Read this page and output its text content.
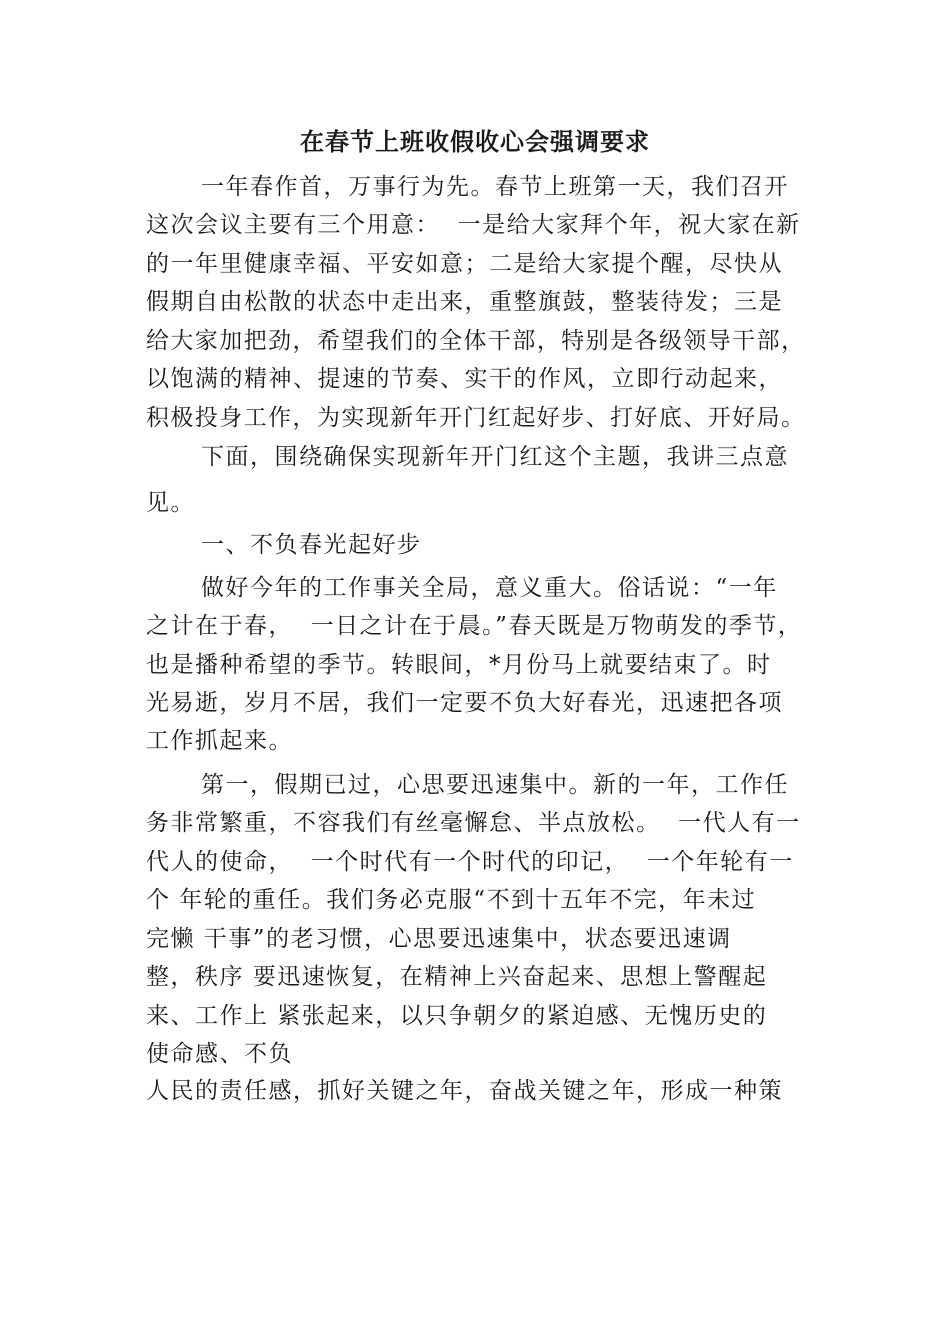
在春节上班收假收心会强调要求
一年春作首，万事行为先。春节上班第一天，我们召开
这次会议主要有三个用意：  一是给大家拜个年，祝大家在新
的一年里健康幸福、平安如意；二是给大家提个醒，尽快从
假期自由松散的状态中走出来，重整旗鼓，整装待发；三是
给大家加把劲，希望我们的全体干部，特别是各级领导干部，
以饱满的精神、提速的节奏、实干的作风，立即行动起来，
积极投身工作，为实现新年开门红起好步、打好底、开好局。
下面，围绕确保实现新年开门红这个主题，我讲三点意
见。
一、不负春光起好步
做好今年的工作事关全局，意义重大。俗话说：“一年
之计在于春，  一日之计在于晨。”春天既是万物萌发的季节，
也是播种希望的季节。转眼间，*月份马上就要结束了。时
光易逝，岁月不居，我们一定要不负大好春光，迅速把各项
工作抓起来。
第一，假期已过，心思要迅速集中。新的一年，工作任
务非常繁重，不容我们有丝毫懈怠、半点放松。  一代人有一
代人的使命，  一个时代有一个时代的印记，  一个年轮有一
个 年轮的重任。我们务必克服“不到十五年不完，年未过
完懒 干事”的老习惯，心思要迅速集中，状态要迅速调
整，秩序 要迅速恢复，在精神上兴奋起来、思想上警醒起
来、工作上 紧张起来，以只争朝夕的紧迫感、无愧历史的
使命感、不负
人民的责任感，抓好关键之年，奋战关键之年，形成一种策
